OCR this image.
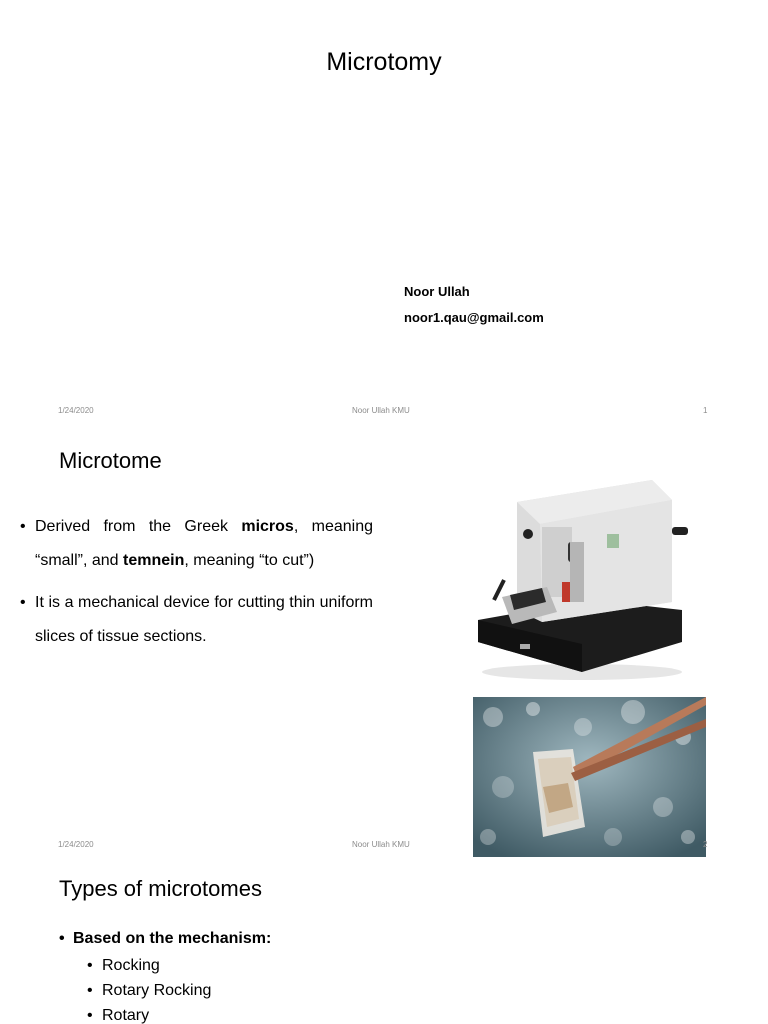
Microtomy
Noor Ullah
noor1.qau@gmail.com
1/24/2020	Noor Ullah KMU	1
Microtome
• Derived from the Greek micros, meaning “small”, and temnein, meaning “to cut”)
• It is a mechanical device for cutting thin uniform slices of tissue sections.
1/24/2020	Noor Ullah KMU	2
Types of microtomes
• Based on the mechanism:
• Rocking
• Rotary Rocking
• Rotary
